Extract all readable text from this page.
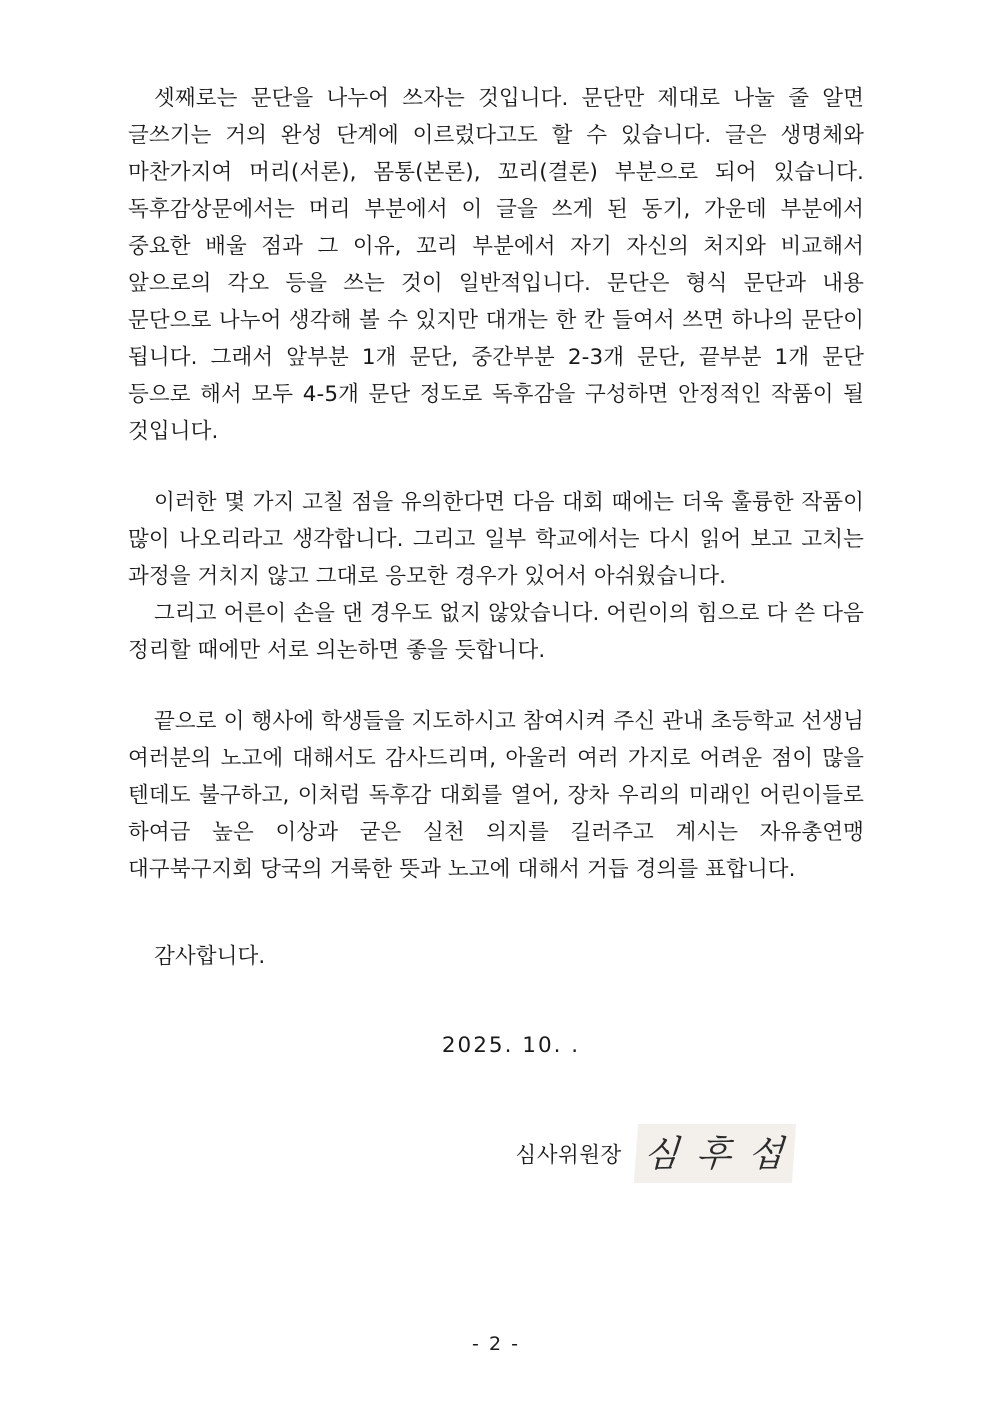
셋째로는 문단을 나누어 쓰자는 것입니다. 문단만 제대로 나눌 줄 알면 글쓰기는 거의 완성 단계에 이르렀다고도 할 수 있습니다. 글은 생명체와 마찬가지여 머리(서론), 몸통(본론), 꼬리(결론) 부분으로 되어 있습니다. 독후감상문에서는 머리 부분에서 이 글을 쓰게 된 동기, 가운데 부분에서 중요한 배울 점과 그 이유, 꼬리 부분에서 자기 자신의 처지와 비교해서 앞으로의 각오 등을 쓰는 것이 일반적입니다. 문단은 형식 문단과 내용 문단으로 나누어 생각해 볼 수 있지만 대개는 한 칸 들여서 쓰면 하나의 문단이 됩니다. 그래서 앞부분 1개 문단, 중간부분 2-3개 문단, 끝부분 1개 문단 등으로 해서 모두 4-5개 문단 정도로 독후감을 구성하면 안정적인 작품이 될 것입니다.

이러한 몇 가지 고칠 점을 유의한다면 다음 대회 때에는 더욱 훌륭한 작품이 많이 나오리라고 생각합니다. 그리고 일부 학교에서는 다시 읽어 보고 고치는 과정을 거치지 않고 그대로 응모한 경우가 있어서 아쉬웠습니다.

그리고 어른이 손을 댄 경우도 없지 않았습니다. 어린이의 힘으로 다 쓴 다음 정리할 때에만 서로 의논하면 좋을 듯합니다.

끝으로 이 행사에 학생들을 지도하시고 참여시켜 주신 관내 초등학교 선생님 여러분의 노고에 대해서도 감사드리며, 아울러 여러 가지로 어려운 점이 많을 텐데도 불구하고, 이처럼 독후감 대회를 열어, 장차 우리의 미래인 어린이들로 하여금 높은 이상과 굳은 실천 의지를 길러주고 계시는 자유총연맹 대구북구지회 당국의 거룩한 뜻과 노고에 대해서 거듭 경의를 표합니다.

감사합니다.

2025. 10. .
심사위원장 심 후 섭
- 2 -
